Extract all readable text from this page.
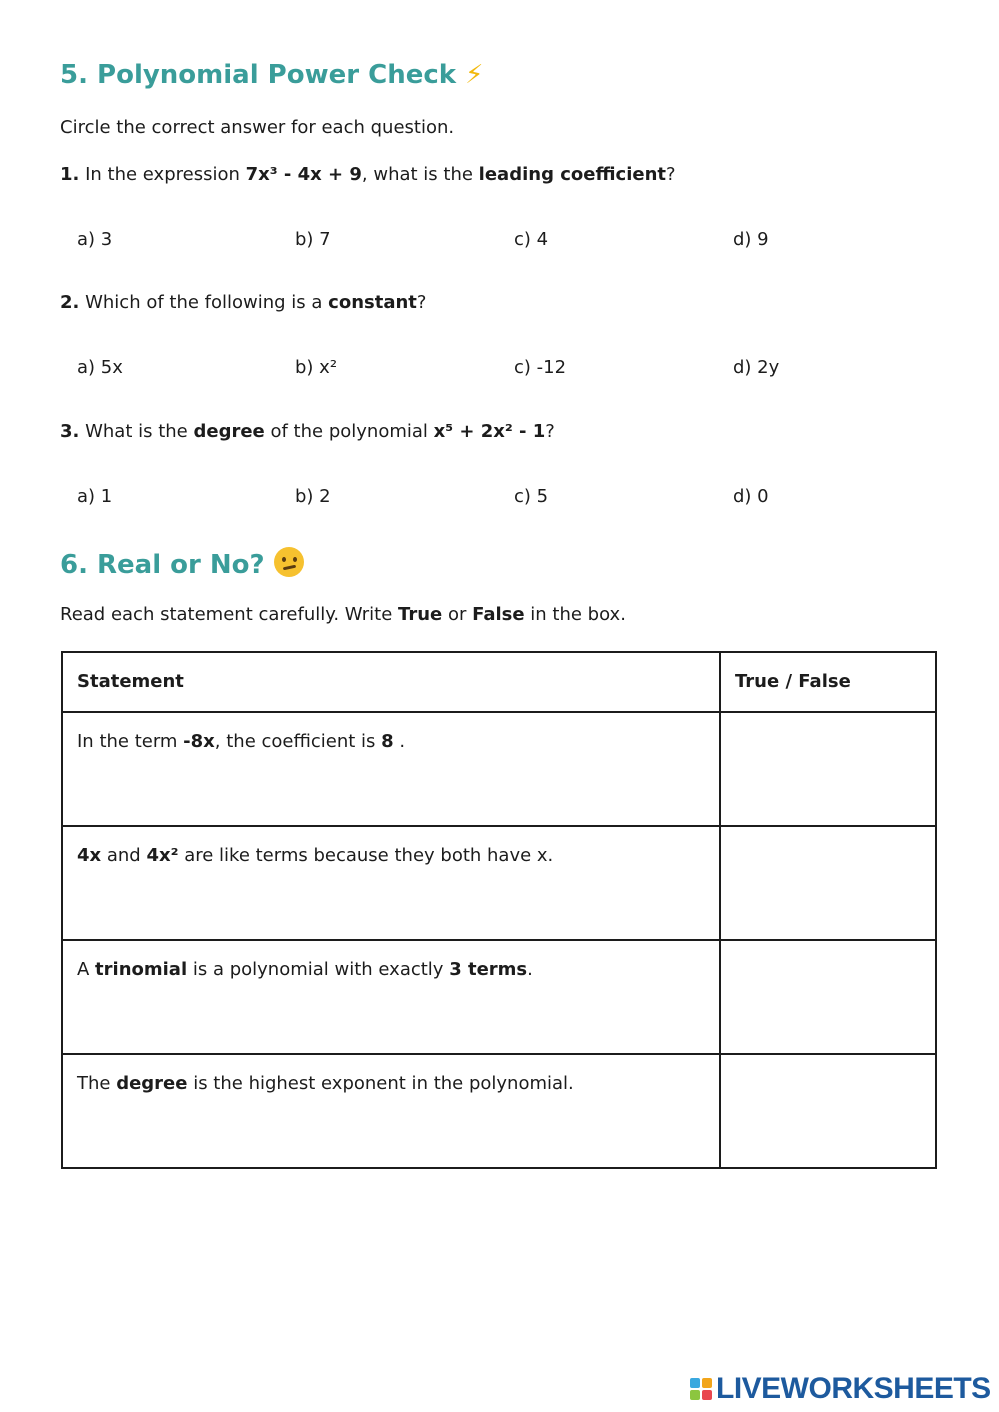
5. Polynomial Power Check ⚡
Circle the correct answer for each question.
1. In the expression 7x³ - 4x + 9, what is the leading coefficient?
a) 3	b) 7	c) 4	d) 9
2. Which of the following is a constant?
a) 5x	b) x²	c) -12	d) 2y
3. What is the degree of the polynomial x⁵ + 2x² - 1?
a) 1	b) 2	c) 5	d) 0
6. Real or No?
Read each statement carefully. Write True or False in the box.
Statement	True / False
In the term -8x, the coefficient is 8 .	
4x and 4x² are like terms because they both have x.	
A trinomial is a polynomial with exactly 3 terms.	
The degree is the highest exponent in the polynomial.	
LIVEWORKSHEETS
